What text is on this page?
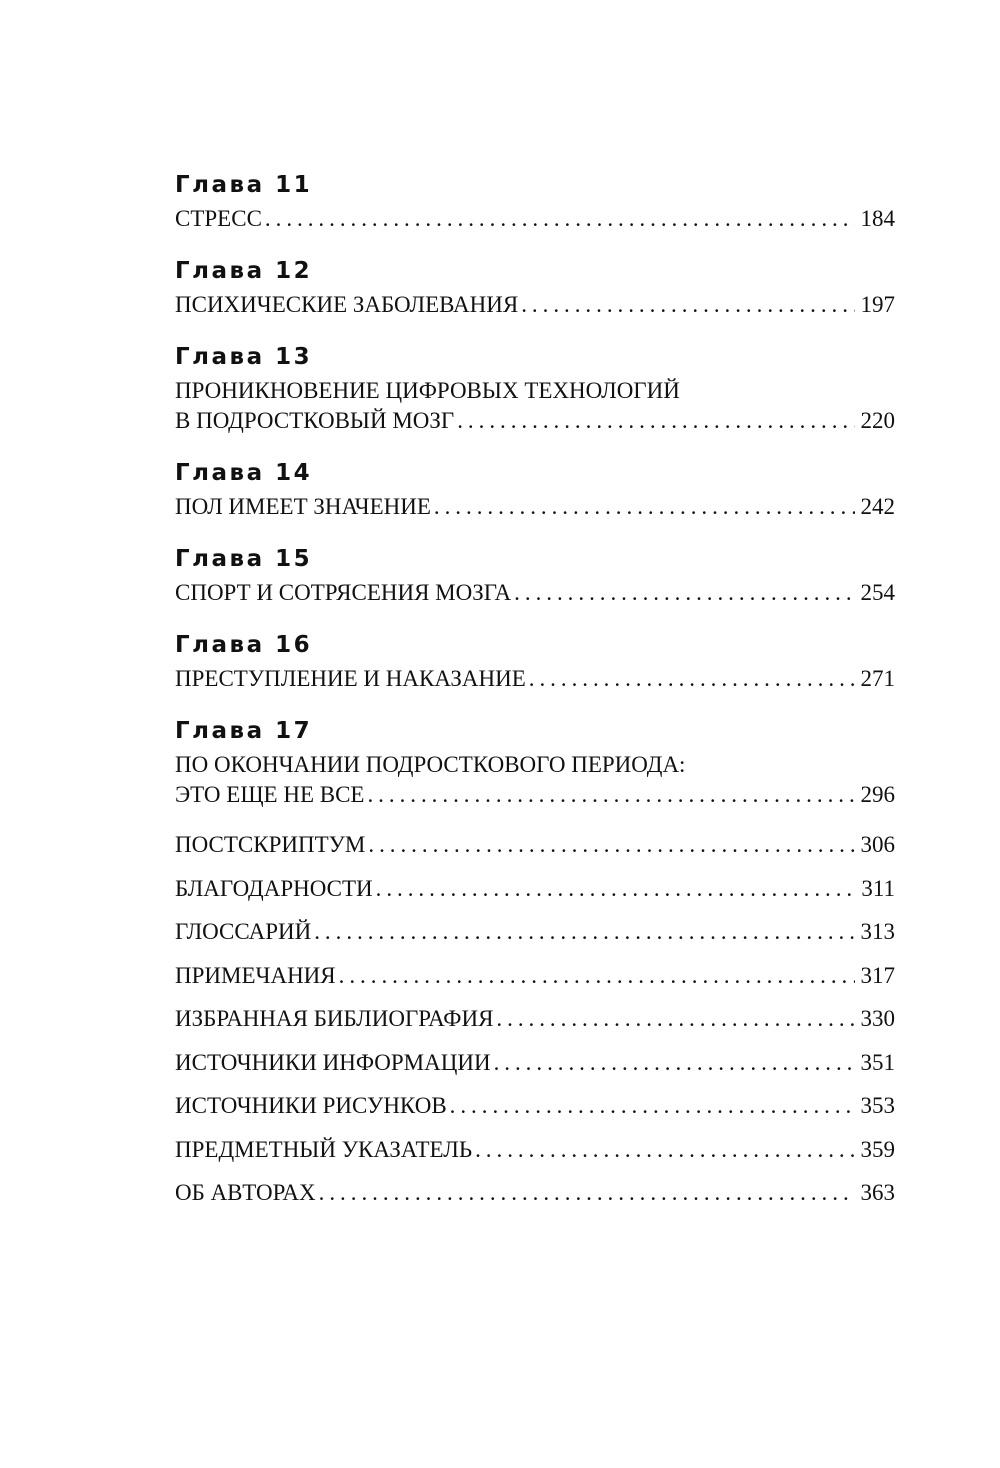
Глава 11
СТРЕСС . . .	184
Глава 12
ПСИХИЧЕСКИЕ ЗАБОЛЕВАНИЯ . . .	197
Глава 13
ПРОНИКНОВЕНИЕ ЦИФРОВЫХ ТЕХНОЛОГИЙ
В ПОДРОСТКОВЫЙ МОЗГ . . .	220
Глава 14
ПОЛ ИМЕЕТ ЗНАЧЕНИЕ . . .	242
Глава 15
СПОРТ И СОТРЯСЕНИЯ МОЗГА . . .	254
Глава 16
ПРЕСТУПЛЕНИЕ И НАКАЗАНИЕ . . .	271
Глава 17
ПО ОКОНЧАНИИ ПОДРОСТКОВОГО ПЕРИОДА:
ЭТО ЕЩЕ НЕ ВСЕ . . .	296
ПОСТСКРИПТУМ . . .	306
БЛАГОДАРНОСТИ . . .	311
ГЛОССАРИЙ . . .	313
ПРИМЕЧАНИЯ . . .	317
ИЗБРАННАЯ БИБЛИОГРАФИЯ . . .	330
ИСТОЧНИКИ ИНФОРМАЦИИ . . .	351
ИСТОЧНИКИ РИСУНКОВ . . .	353
ПРЕДМЕТНЫЙ УКАЗАТЕЛЬ . . .	359
ОБ АВТОРАХ . . .	363
